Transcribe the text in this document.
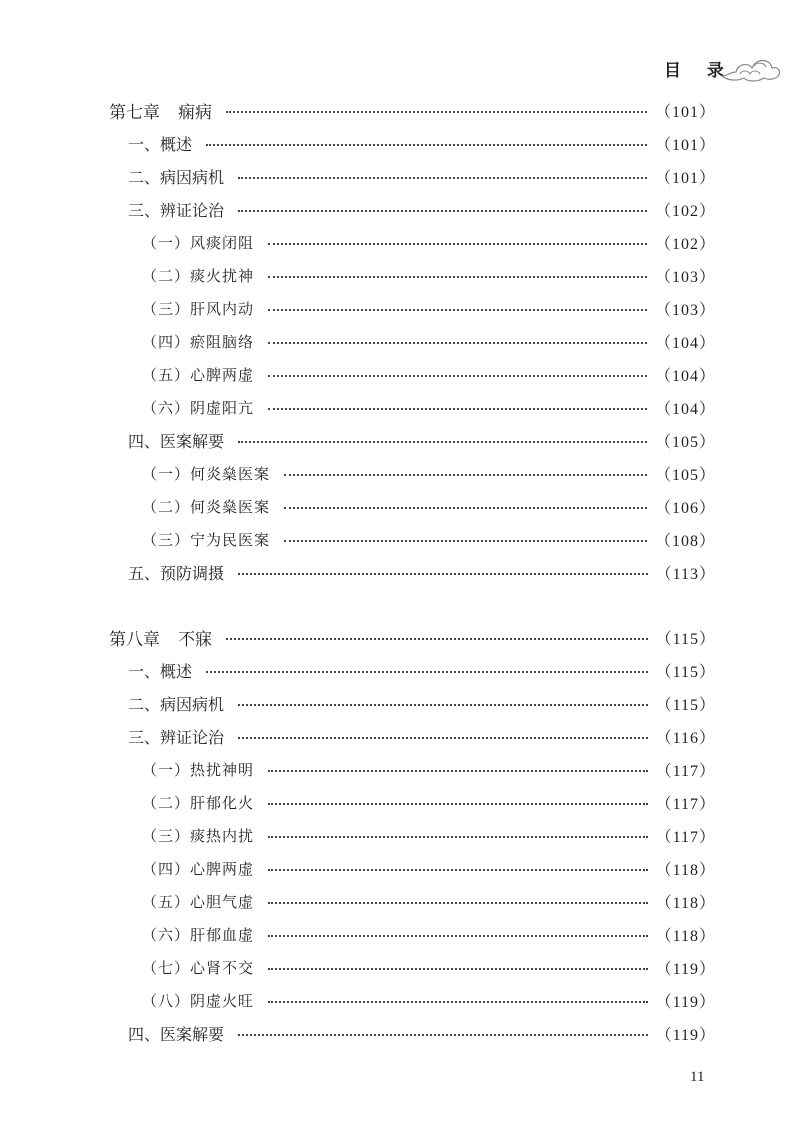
目 录
第七章 痫病	（101）
一、概述	（101）
二、病因病机	（101）
三、辨证论治	（102）
（一）风痰闭阻	（102）
（二）痰火扰神	（103）
（三）肝风内动	（103）
（四）瘀阻脑络	（104）
（五）心脾两虚	（104）
（六）阴虚阳亢	（104）
四、医案解要	（105）
（一）何炎燊医案	（105）
（二）何炎燊医案	（106）
（三）宁为民医案	（108）
五、预防调摄	（113）
第八章 不寐	（115）
一、概述	（115）
二、病因病机	（115）
三、辨证论治	（116）
（一）热扰神明	（117）
（二）肝郁化火	（117）
（三）痰热内扰	（117）
（四）心脾两虚	（118）
（五）心胆气虚	（118）
（六）肝郁血虚	（118）
（七）心肾不交	（119）
（八）阴虚火旺	（119）
四、医案解要	（119）
11
